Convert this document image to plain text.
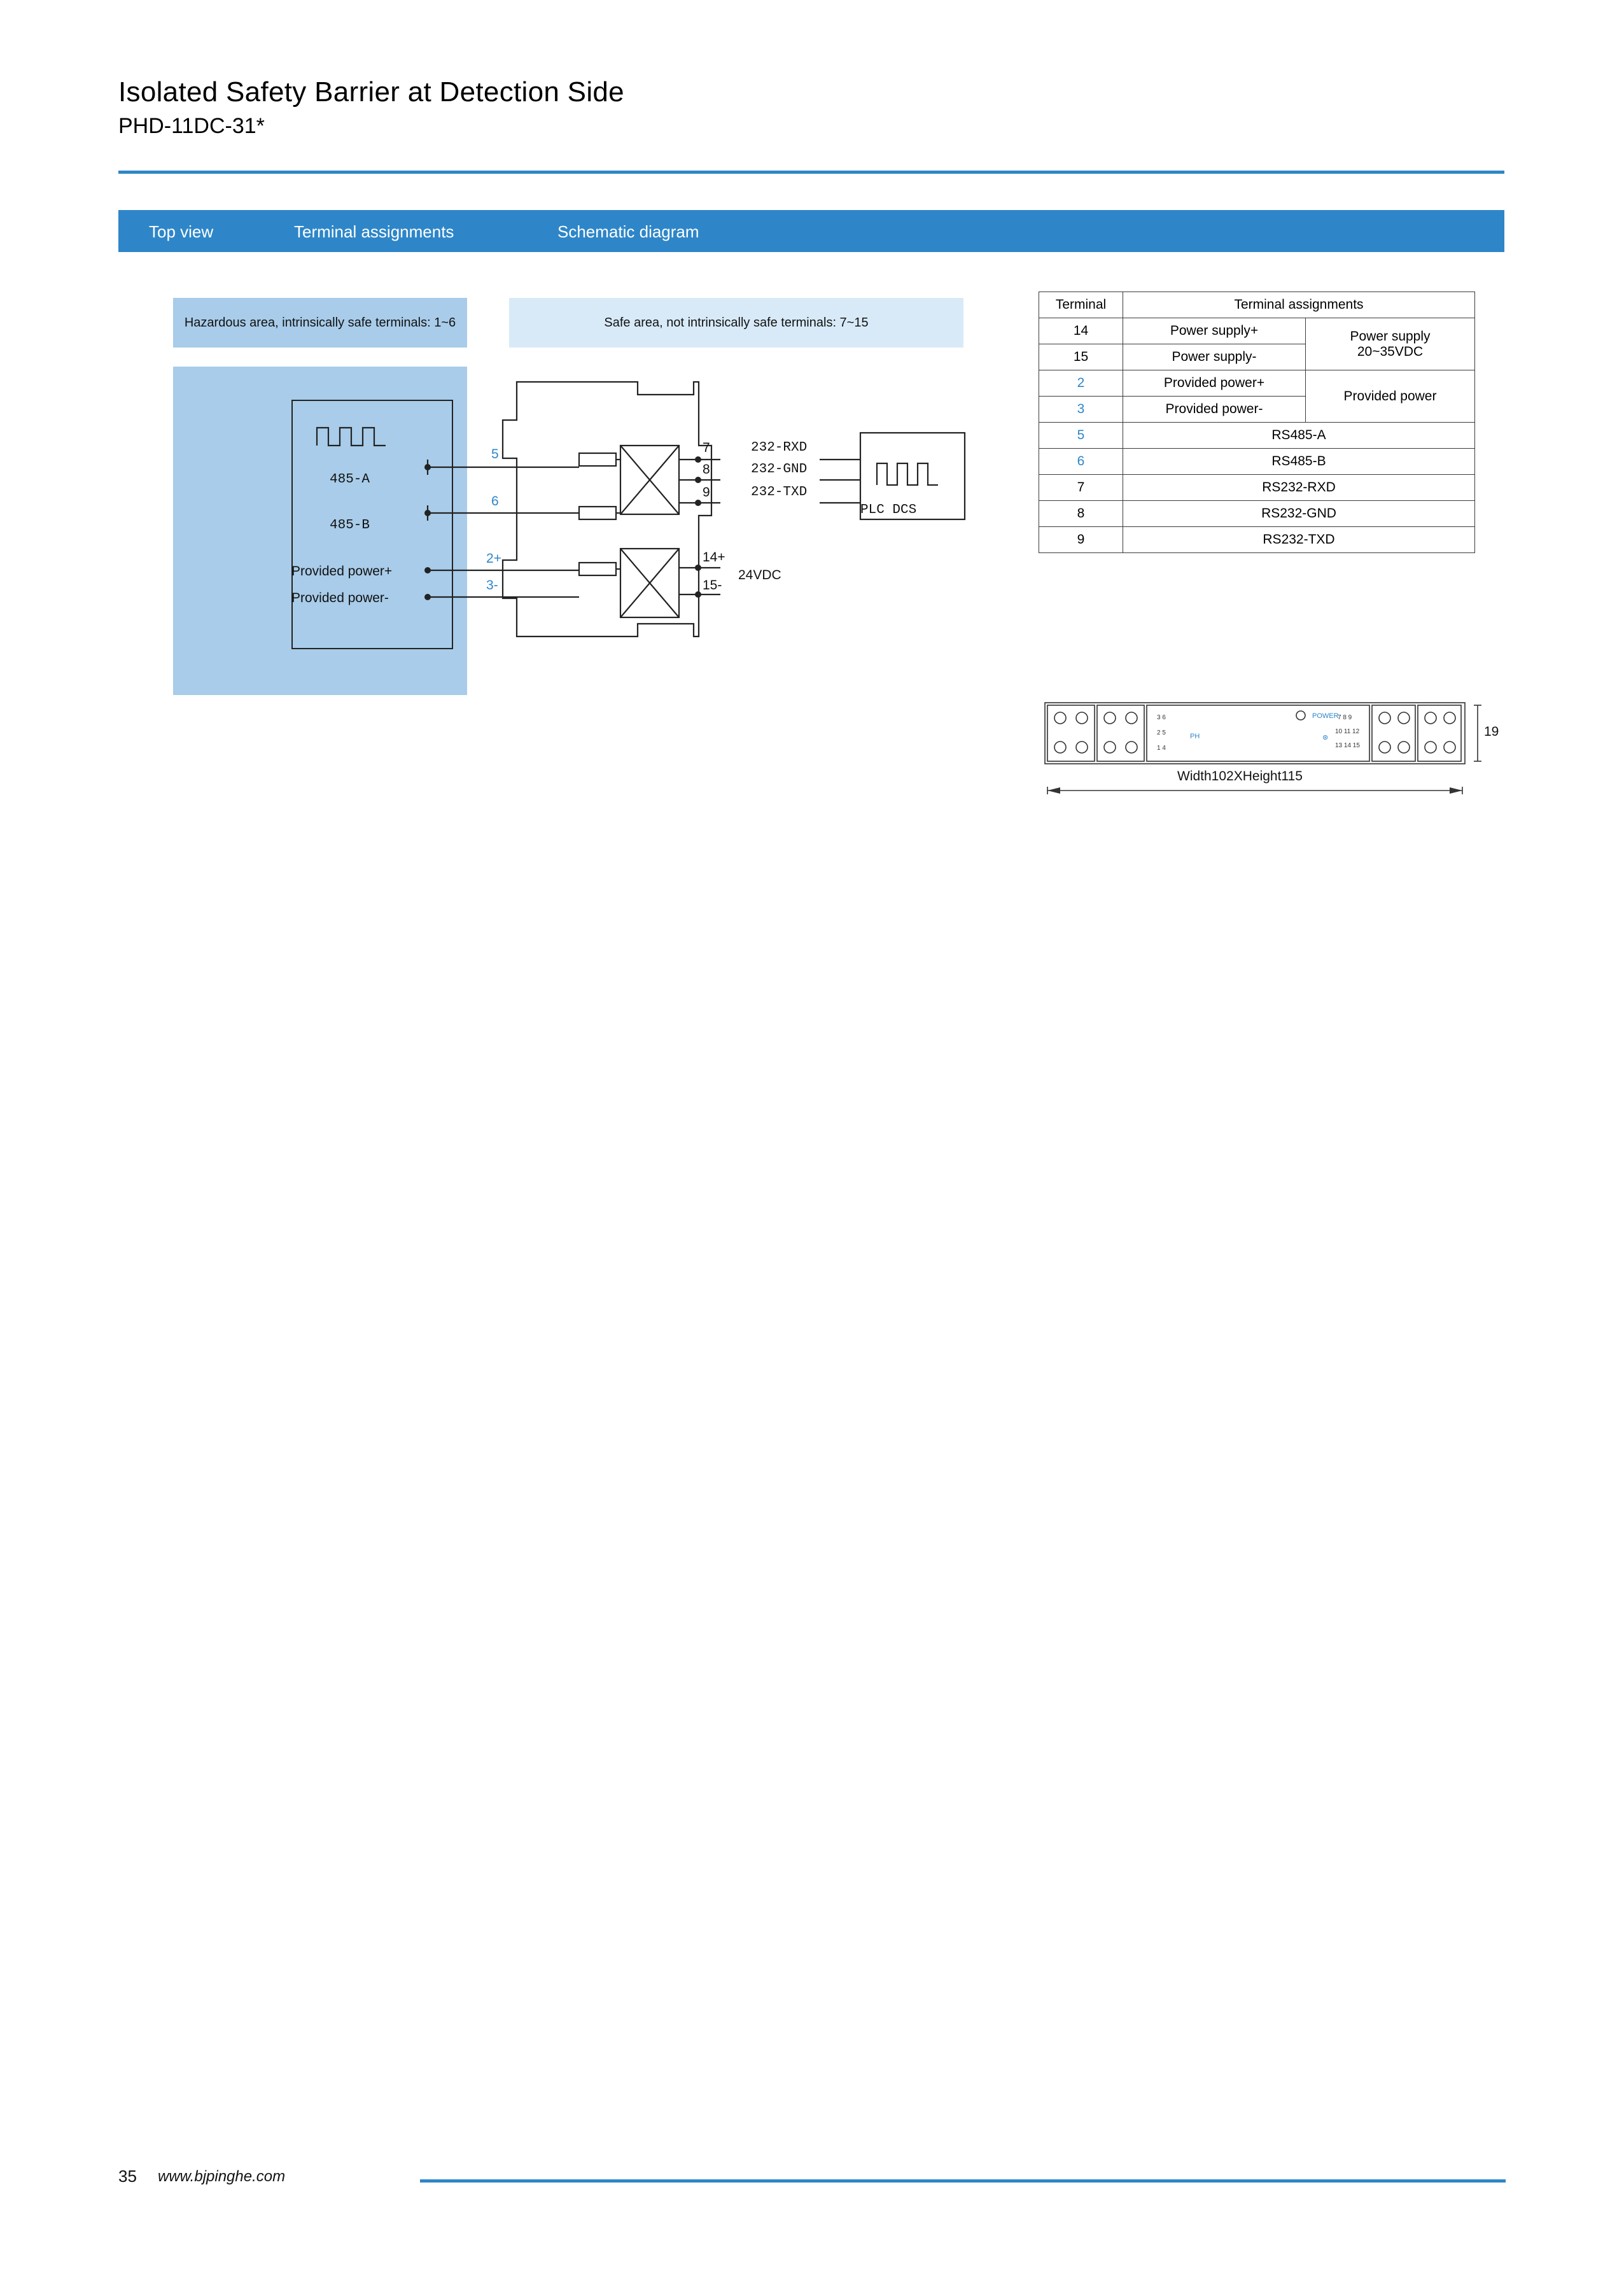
Isolated Safety Barrier at Detection Side
PHD-11DC-31*
Top view	Terminal assignments	Schematic diagram
Hazardous area, intrinsically safe terminals: 1~6	Safe area, not intrinsically safe terminals: 7~15
485-A
485-B
Provided power+
Provided power-
5
6
2+
3-
7
8
9
14+
15-
232-RXD
232-GND
232-TXD
24VDC
PLC DCS
Terminal	Terminal assignments	
14	Power supply+	Power supply
20~35VDC
15	Power supply-	
2	Provided power+	Provided power
3	Provided power-	
5	RS485-A	
6	RS485-B	
7	RS232-RXD	
8	RS232-GND	
9	RS232-TXD	
POWER
PH	⊛
3 6
2 5
1 4
7 8 9
10 11 12
13 14 15
19
Width102XHeight115
35 www.bjpinghe.com
